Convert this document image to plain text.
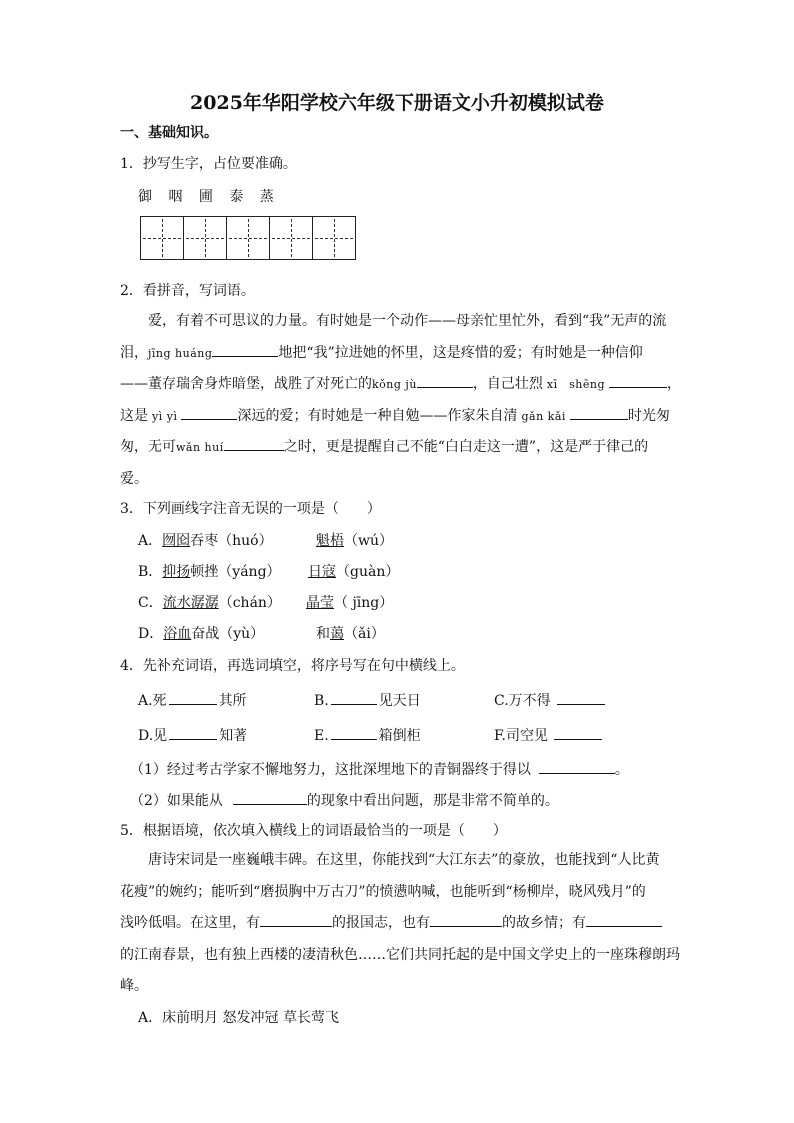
2025年华阳学校六年级下册语文小升初模拟试卷
一、基础知识。
1．抄写生字，占位要准确。
御 咽 圃 泰 蒸
2．看拼音，写词语。
　　爱，有着不可思议的力量。有时她是一个动作——母亲忙里忙外，看到“我”无声的流
泪，jīng huáng	地把“我”拉进她的怀里，这是疼惜的爱；有时她是一种信仰
——董存瑞舍身炸暗堡，战胜了对死亡的kǒng jù	，自己壮烈 xī　shēng	，
这是 yì yì	深远的爱；有时她是一种自勉——作家朱自清 gǎn kǎi	时光匆
匆，无可wǎn huí	之时，更是提醒自己不能“白白走这一遭”，这是严于律己的
爱。
3．下列画线字注音无误的一项是（　　）
A．囫囵吞枣（huó）	魁梧（wú）
B．抑扬顿挫（yáng） 日寇（guàn）
C．流水潺潺（chán） 晶莹（ jīng）
D．浴血奋战（yù）	和蔼（ǎi）
4．先补充词语，再选词填空，将序号写在句中横线上。
A.死	其所	B.	见天日	C.万不得
D.见	知著	E.	箱倒柜	F.司空见
（1）经过考古学家不懈地努力，这批深埋地下的青铜器终于得以	。
（2）如果能从	的现象中看出问题，那是非常不简单的。
5．根据语境，依次填入横线上的词语最恰当的一项是（　　）
　　唐诗宋词是一座巍峨丰碑。在这里，你能找到“大江东去”的豪放，也能找到“人比黄
花瘦”的婉约；能听到“磨损胸中万古刀”的愤懑呐喊，也能听到“杨柳岸，晓风残月”的
浅吟低唱。在这里，有	的报国志，也有	的故乡情；有
的江南春景，也有独上西楼的凄清秋色……它们共同托起的是中国文学史上的一座珠穆朗玛
峰。
A．床前明月 怒发冲冠 草长莺飞
